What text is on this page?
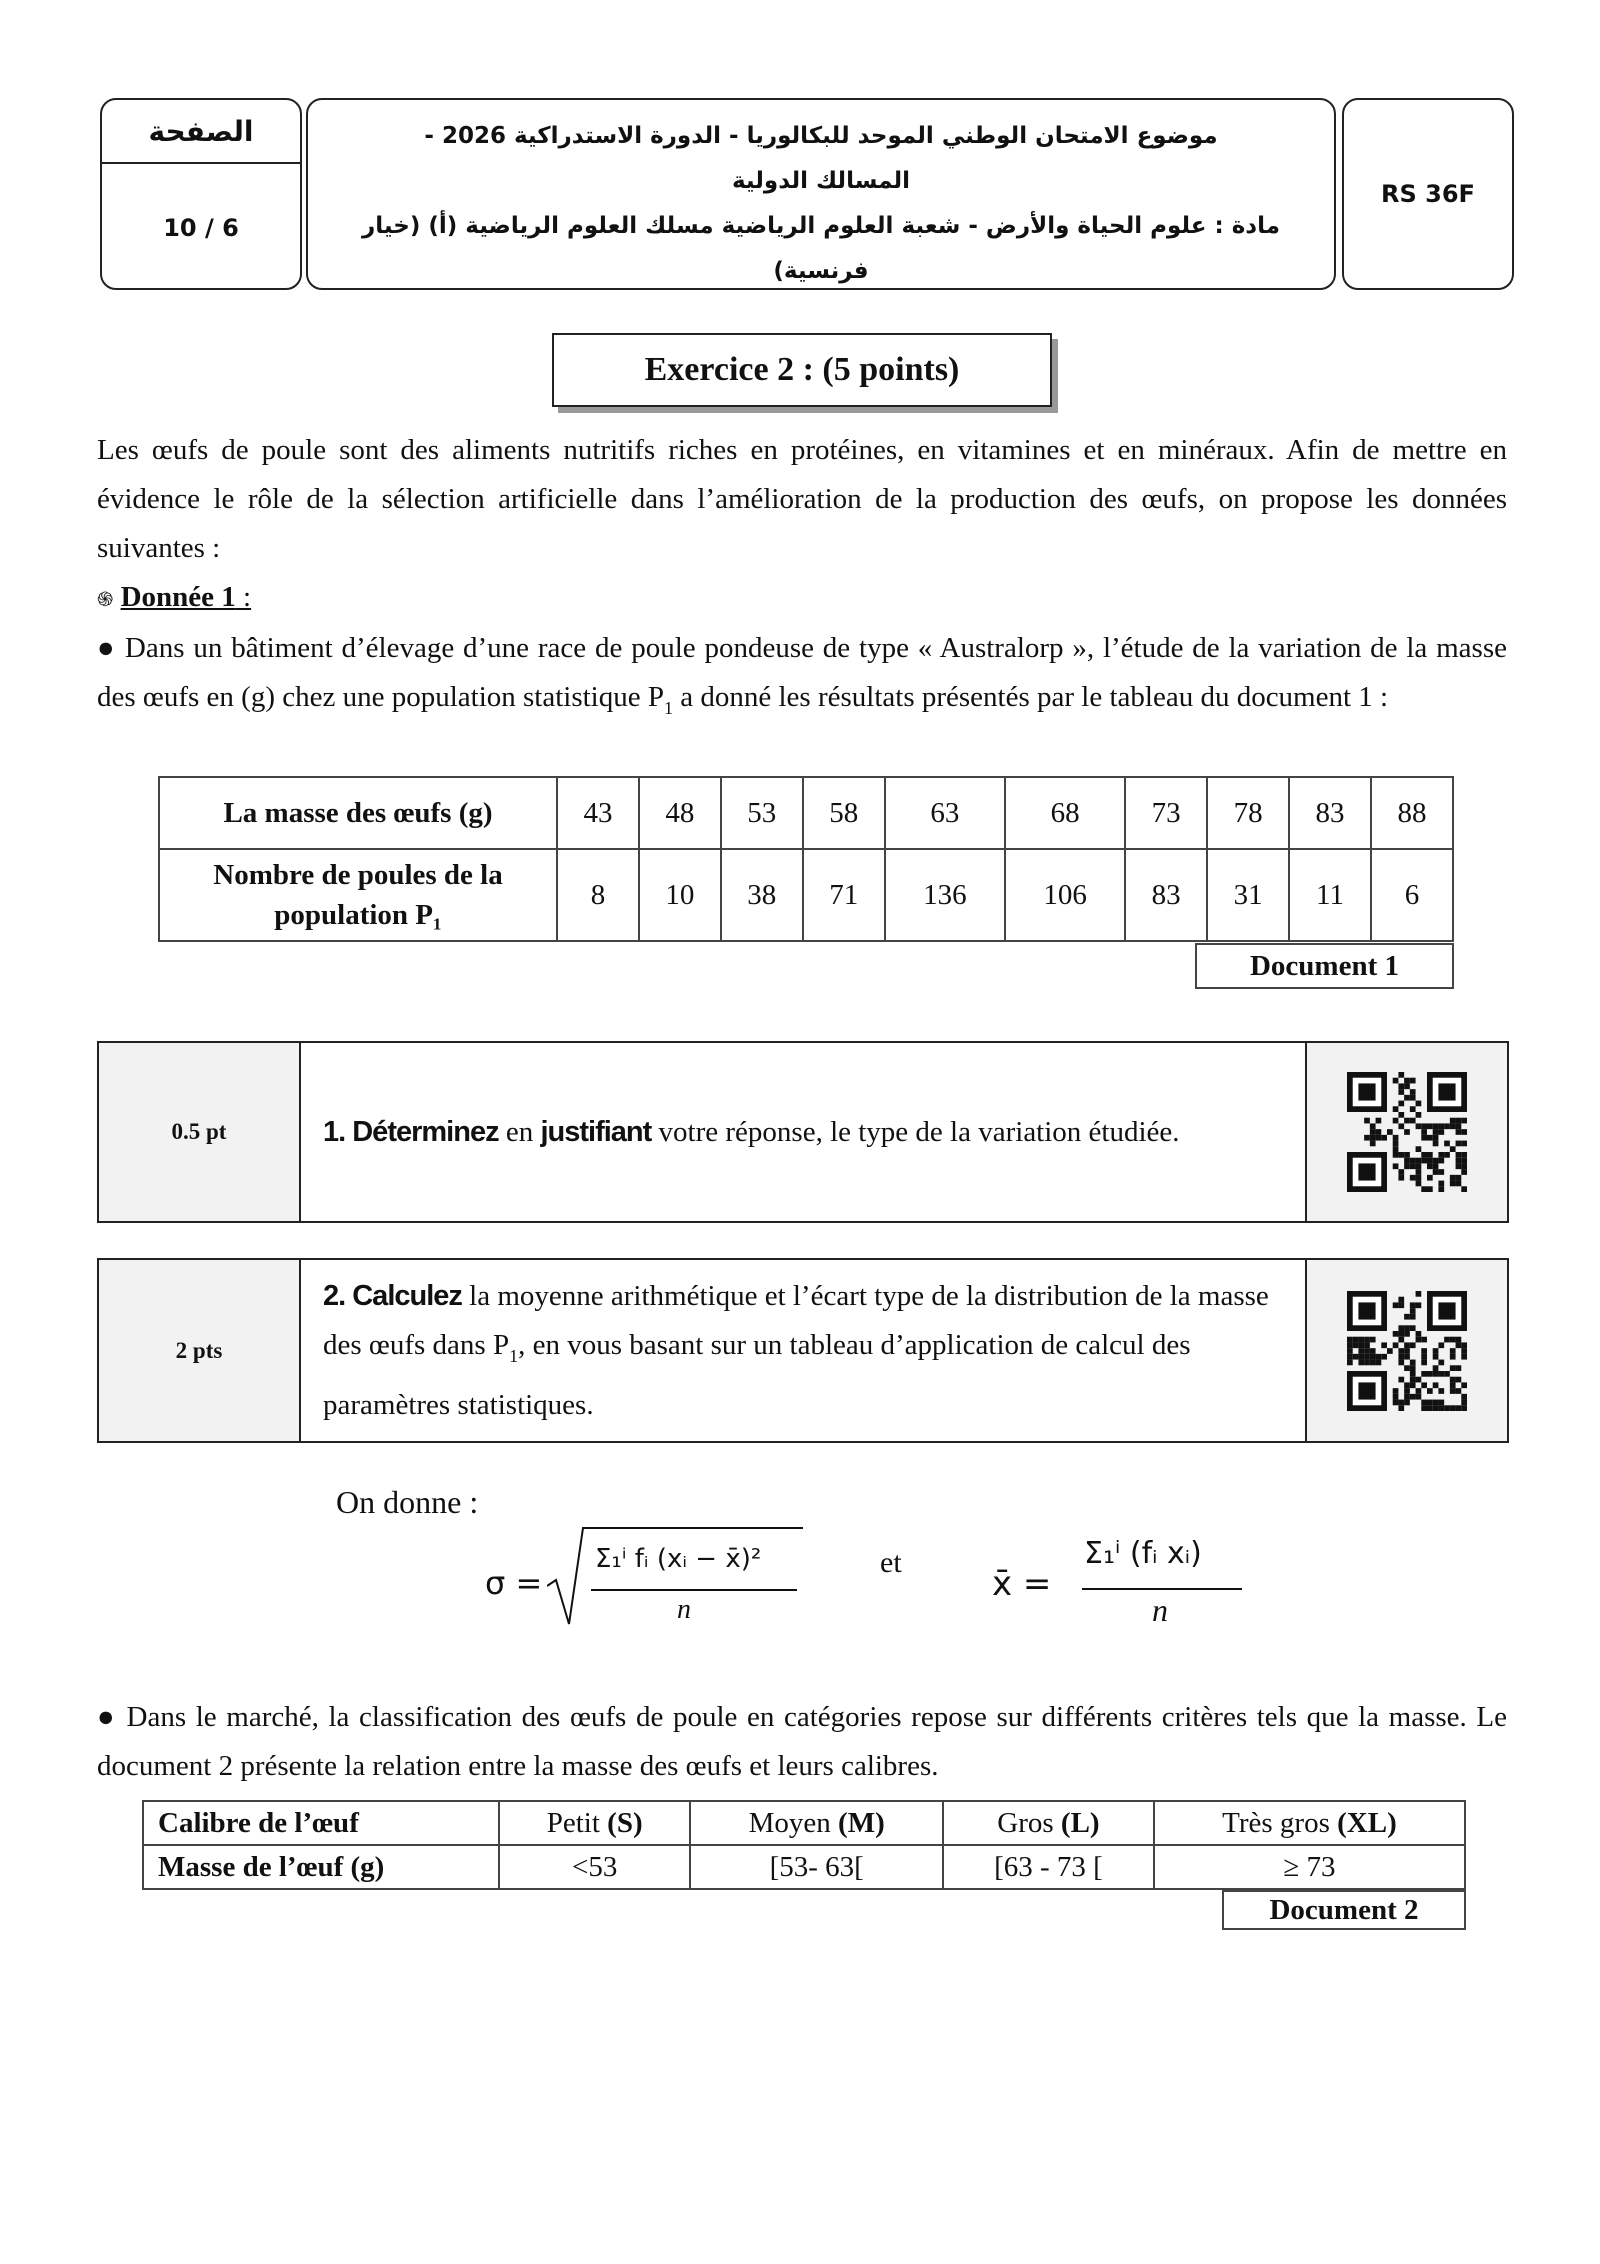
الصفحة
10 / 6
موضوع الامتحان الوطني الموحد للبكالوريا - الدورة الاستدراكية 2026 -
المسالك الدولية
مادة : علوم الحياة والأرض - شعبة العلوم الرياضية مسلك العلوم الرياضية (أ) (خيار
فرنسية)
RS 36F
Exercice 2 : (5 points)

Les œufs de poule sont des aliments nutritifs riches en protéines, en vitamines et en minéraux. Afin de mettre en évidence le rôle de la sélection artificielle dans l’amélioration de la production des œufs, on propose les données suivantes :

֍ Donnée 1 :

● Dans un bâtiment d’élevage d’une race de poule pondeuse de type « Australorp », l’étude de la variation de la masse des œufs en (g) chez une population statistique $P_1$ a donné les résultats présentés par le tableau du document 1 :

La masse des œufs (g)	43	48	53	58	63	68	73	78	83	88
Nombre de poules de la population P₁	8	10	38	71	136	106	83	31	11	6
Document 1
0.5 pt	1. Déterminez en justifiant votre réponse, le type de la variation étudiée.
2 pts
2. Calculez la moyenne arithmétique et l’écart type de la distribution de la masse des œufs dans $P_1$, en vous basant sur un tableau d’application de calcul des paramètres statistiques.
On donne :
σ =
Σ₁ⁱ fᵢ (xᵢ − x̄)²
n
et
x̄ =
Σ₁ⁱ (fᵢ xᵢ)
n

● Dans le marché, la classification des œufs de poule en catégories repose sur différents critères tels que la masse. Le document 2 présente la relation entre la masse des œufs et leurs calibres.

Calibre de l’œuf	Petit (S)	Moyen (M)	Gros (L)	Très gros (XL)
Masse de l’œuf (g)	<53	[53- 63[	[63 - 73 [	≥ 73
Document 2
